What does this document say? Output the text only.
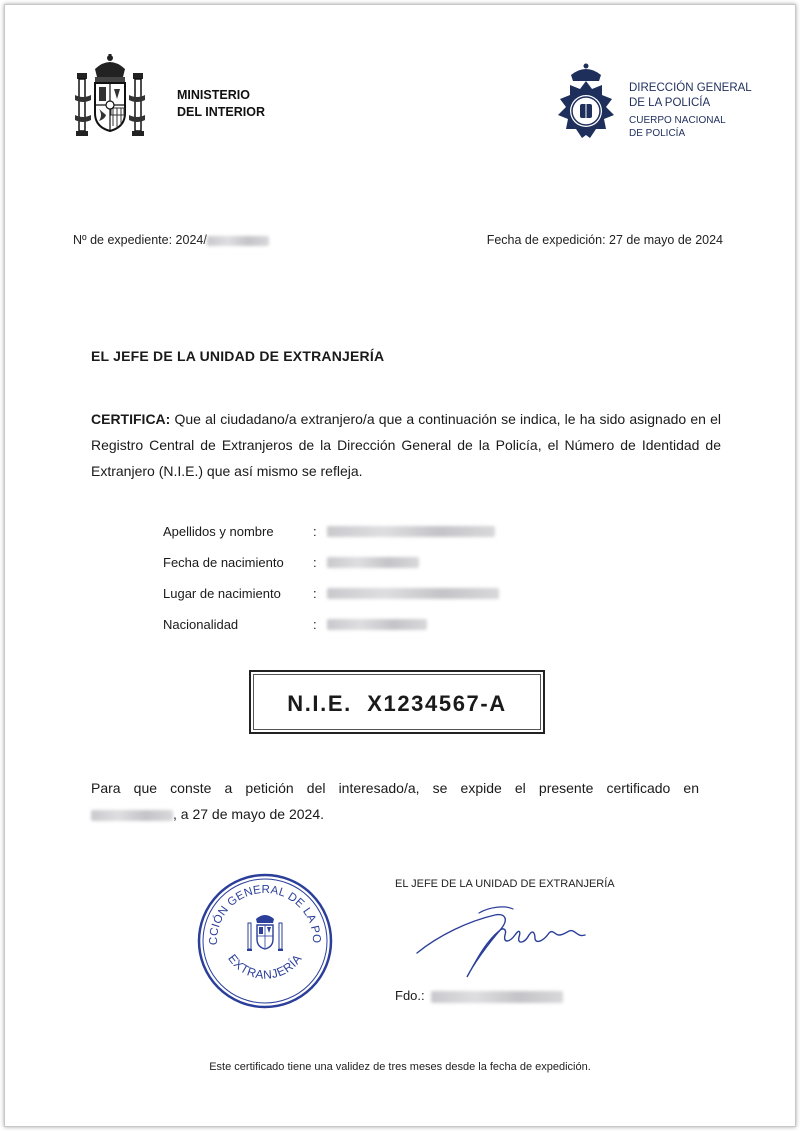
MINISTERIO
DEL INTERIOR
DIRECCIÓN GENERAL
DE LA POLICÍA
CUERPO NACIONAL
DE POLICÍA
Nº de expediente: 2024/	Fecha de expedición: 27 de mayo de 2024
EL JEFE DE LA UNIDAD DE EXTRANJERÍA
CERTIFICA: Que al ciudadano/a extranjero/a que a continuación se indica, le ha sido asignado en el Registro Central de Extranjeros de la Dirección General de la Policía, el Número de Identidad de Extranjero (N.I.E.) que así mismo se refleja.
Apellidos y nombre	:
Fecha de nacimiento :
Lugar de nacimiento :
Nacionalidad	:
N.I.E.  X1234567-A
Para que conste a petición del interesado/a, se expide el presente certificado en
, a 27 de mayo de 2024.
CCIÓN GENERAL DE LA PO
EXTRANJERÍA
EL JEFE DE LA UNIDAD DE EXTRANJERÍA
Fdo.:
Este certificado tiene una validez de tres meses desde la fecha de expedición.
